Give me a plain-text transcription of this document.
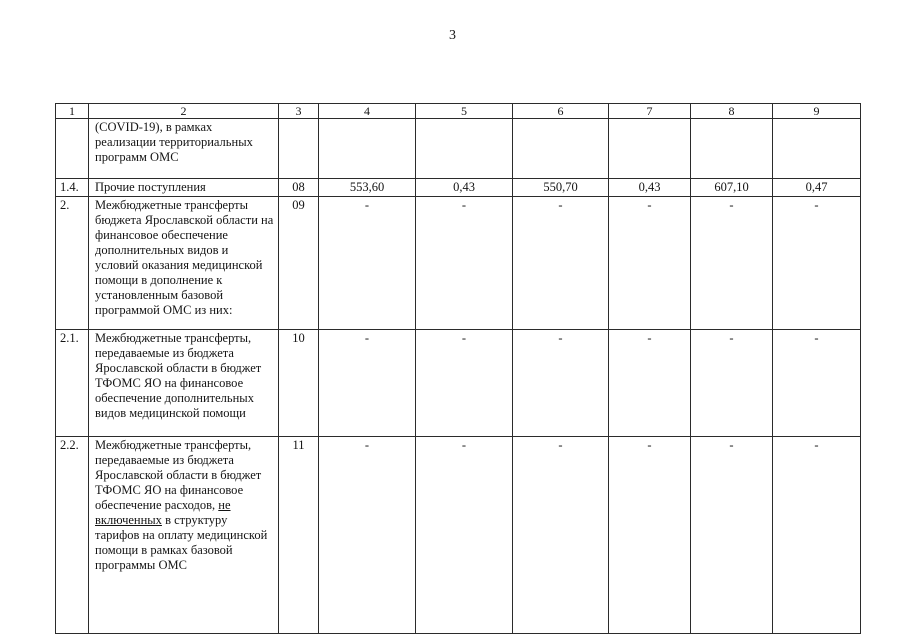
3
1	2	3	4	5	6	7	8	9
	(COVID-19), в рамках реализации территориальных программ ОМС							
1.4.	Прочие поступления	08	553,60	0,43	550,70	0,43	607,10	0,47
2.	Межбюджетные трансферты бюджета Ярославской области на финансовое обеспечение дополнительных видов и условий оказания медицинской помощи в дополнение к установленным базовой программой ОМС из них:	09	-	-	-	-	-	-
2.1.	Межбюджетные трансферты, передаваемые из бюджета Ярославской области в бюджет ТФОМС ЯО на финансовое обеспечение дополнительных видов медицинской помощи	10	-	-	-	-	-	-
2.2.	Межбюджетные трансферты, передаваемые из бюджета Ярославской области в бюджет ТФОМС ЯО на финансовое обеспечение расходов, не включенных в структуру тарифов на оплату медицинской помощи в рамках базовой программы ОМС	11	-	-	-	-	-	-
